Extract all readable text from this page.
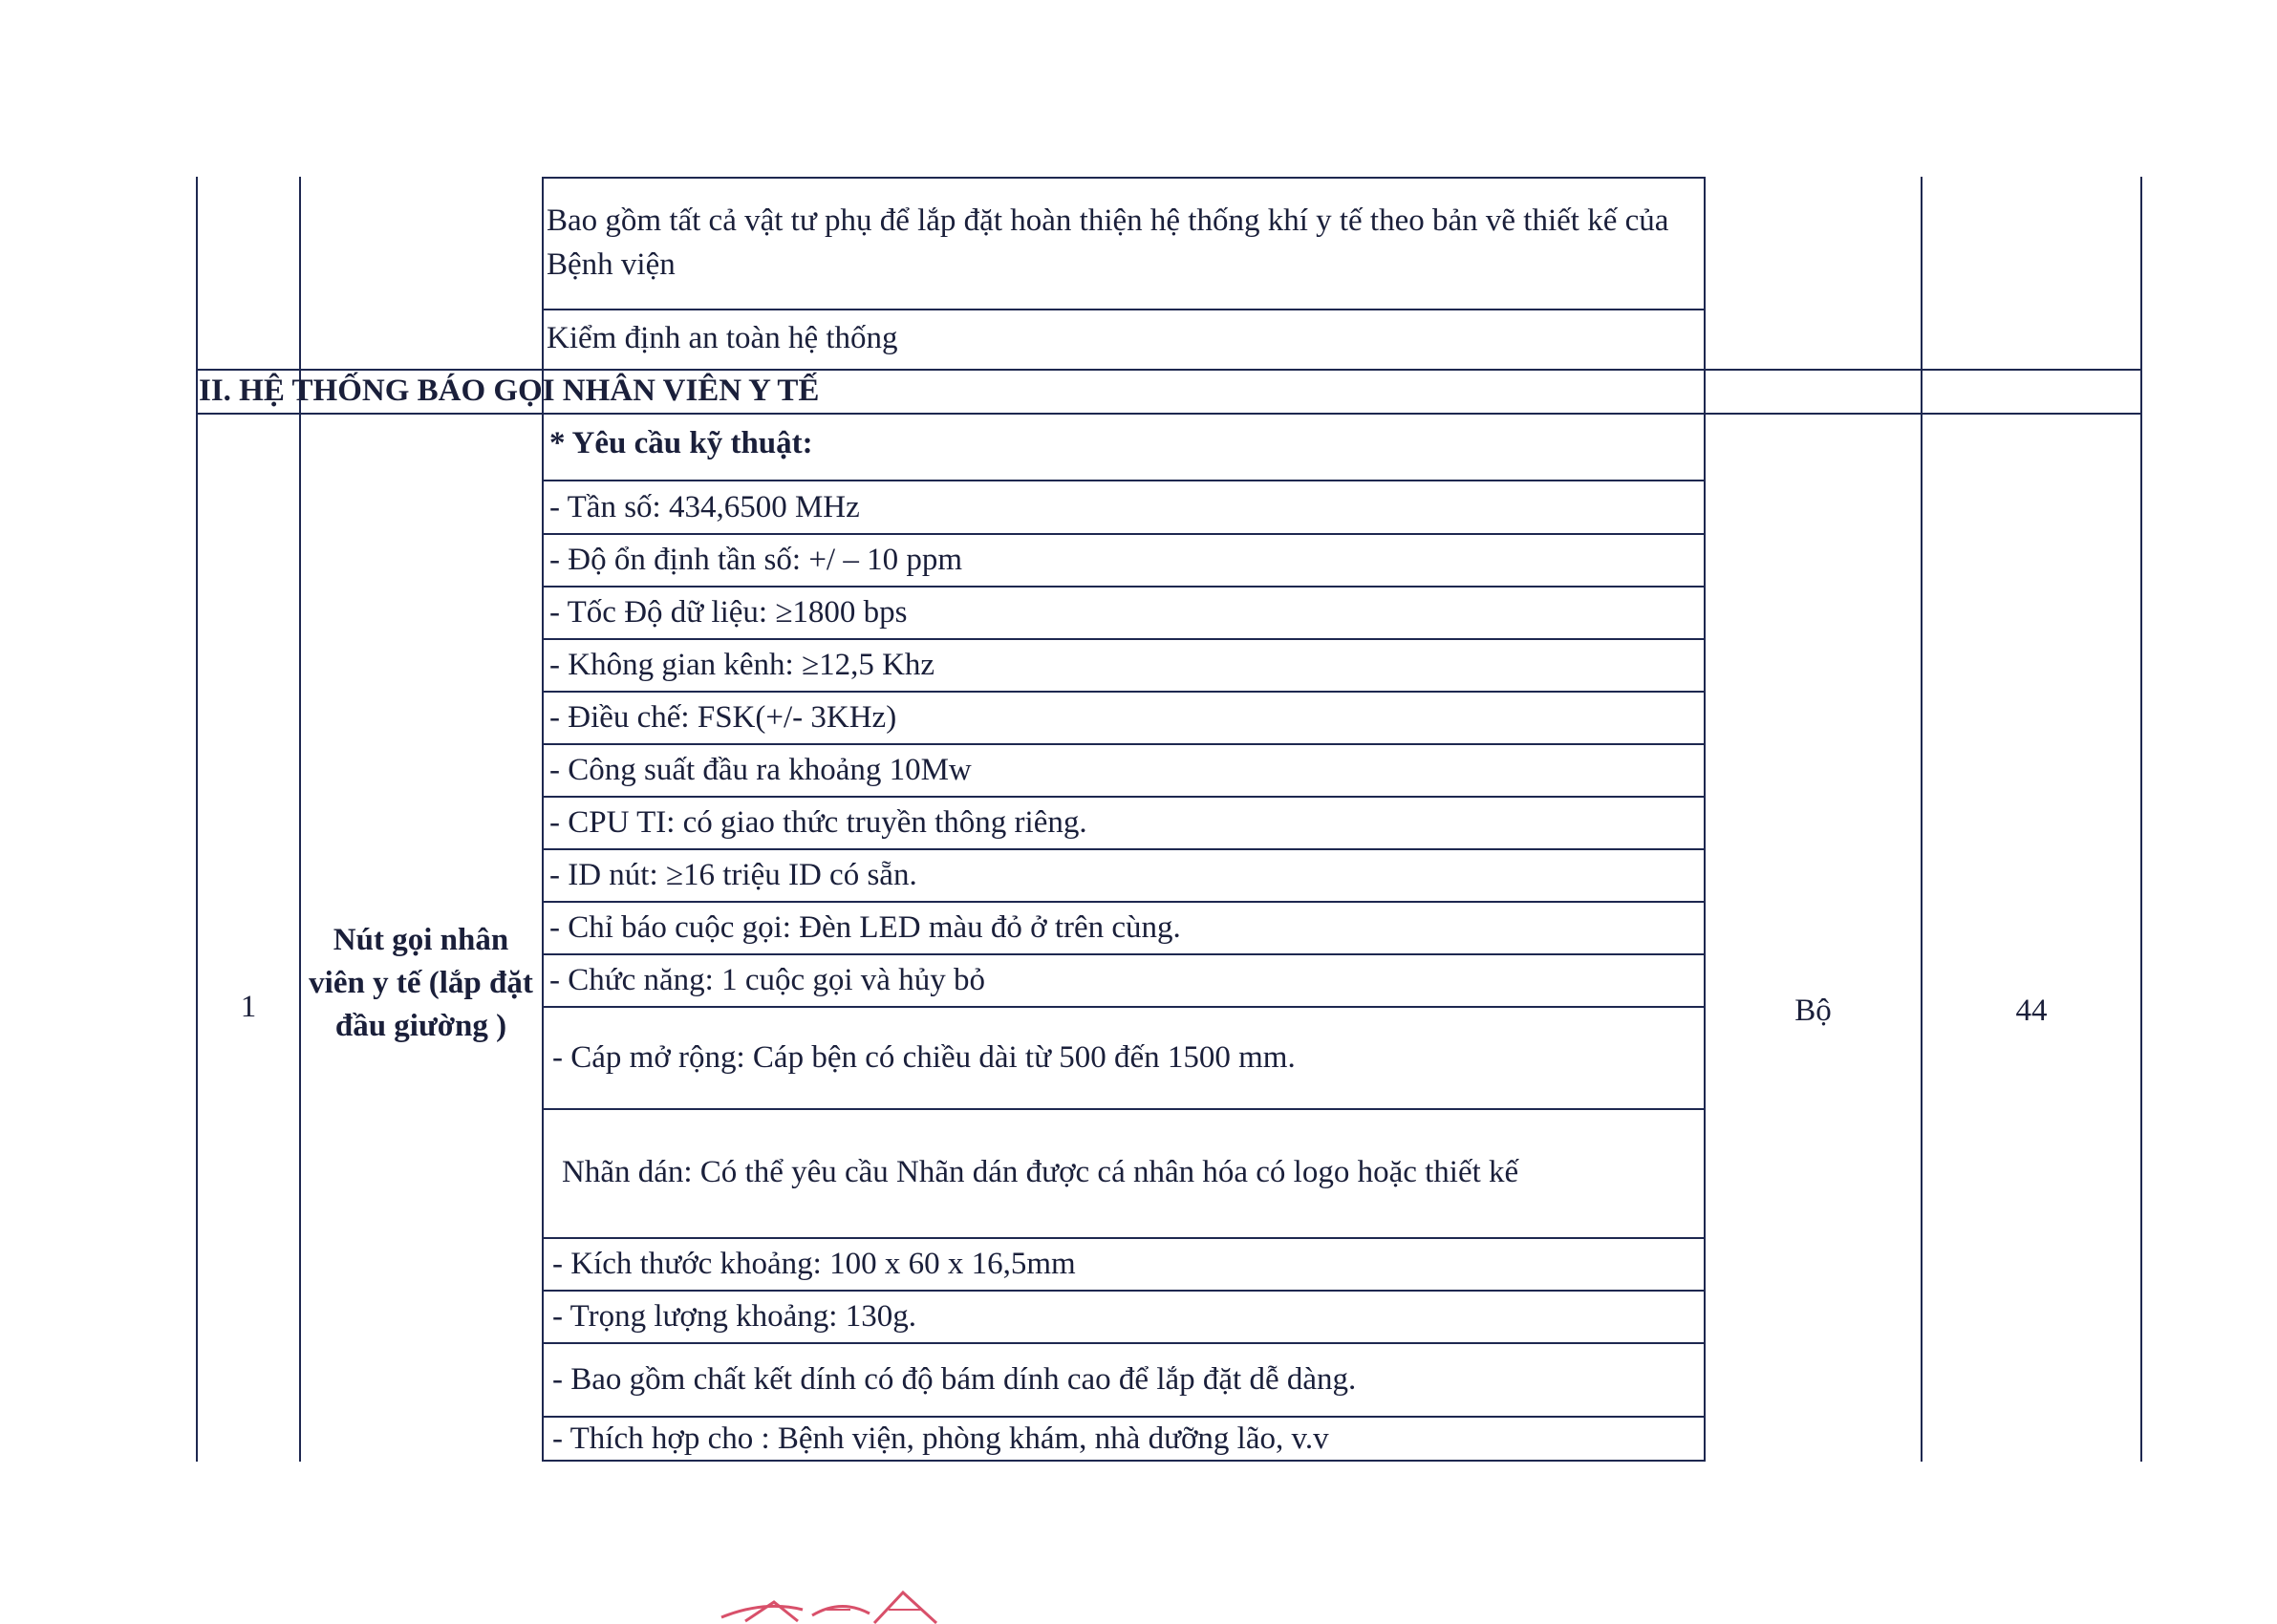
Bao gồm tất cả vật tư phụ để lắp đặt hoàn thiện hệ thống khí y tế theo bản vẽ thiết kế của Bệnh viện
Kiểm định an toàn hệ thống
II. HỆ THỐNG BÁO GỌI NHÂN VIÊN Y TẾ
1
Nút gọi nhân viên y tế (lắp đặt đầu giường )	Bộ	44
* Yêu cầu kỹ thuật:
- Tần số: 434,6500 MHz
- Độ ổn định tần số: +/ – 10 ppm
- Tốc Độ dữ liệu: ≥1800 bps
- Không gian kênh: ≥12,5 Khz
- Điều chế: FSK(+/- 3KHz)
- Công suất đầu ra khoảng 10Mw
- CPU TI: có giao thức truyền thông riêng.
- ID nút: ≥16 triệu ID có sẵn.
- Chỉ báo cuộc gọi: Đèn LED màu đỏ ở trên cùng.
- Chức năng: 1 cuộc gọi và hủy bỏ
- Cáp mở rộng: Cáp bện có chiều dài từ 500 đến 1500 mm.
Nhãn dán: Có thể yêu cầu Nhãn dán được cá nhân hóa có logo hoặc thiết kế
- Kích thước khoảng: 100 x 60 x 16,5mm
- Trọng lượng khoảng: 130g.
- Bao gồm chất kết dính có độ bám dính cao để lắp đặt dễ dàng.
- Thích hợp cho : Bệnh viện, phòng khám, nhà dưỡng lão, v.v
